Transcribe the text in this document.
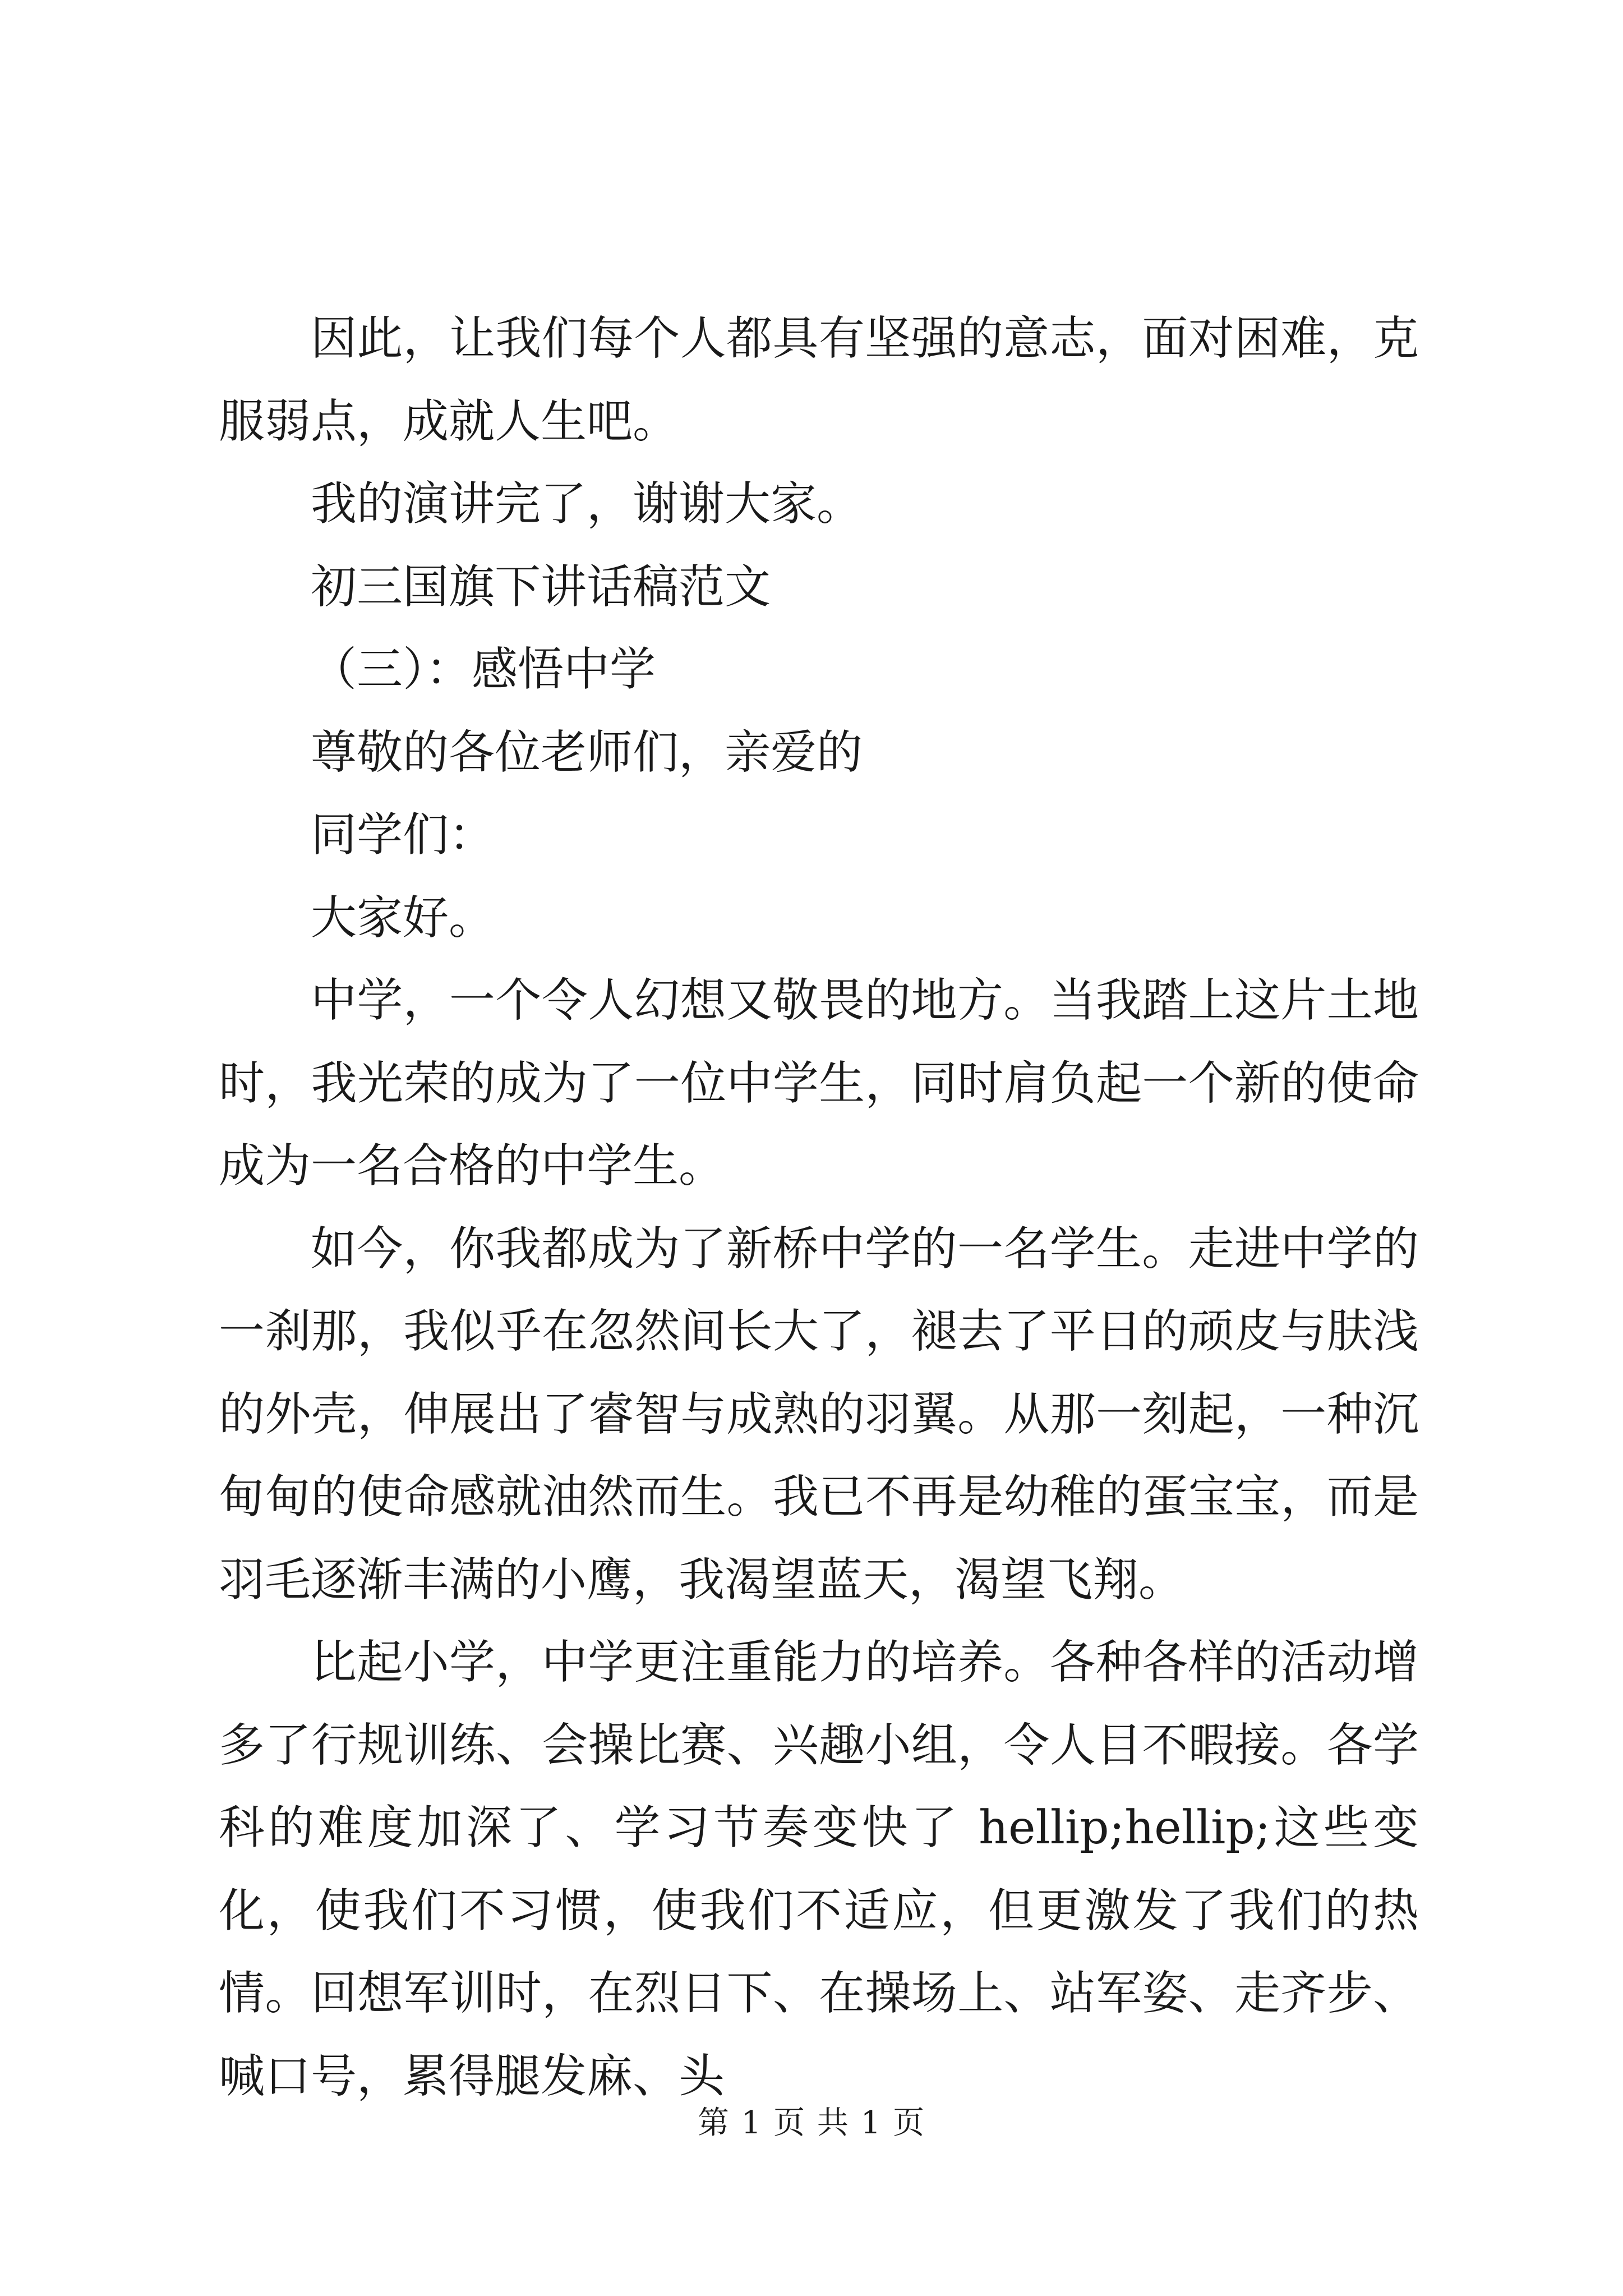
因此，让我们每个人都具有坚强的意志，面对困难，克服弱点，成就人生吧。

我的演讲完了，谢谢大家。

初三国旗下讲话稿范文

（三）：感悟中学

尊敬的各位老师们，亲爱的

同学们：

大家好。

中学，一个令人幻想又敬畏的地方。当我踏上这片土地时，我光荣的成为了一位中学生，同时肩负起一个新的使命成为一名合格的中学生。

如今，你我都成为了新桥中学的一名学生。走进中学的一刹那，我似乎在忽然间长大了，褪去了平日的顽皮与肤浅的外壳，伸展出了睿智与成熟的羽翼。从那一刻起，一种沉甸甸的使命感就油然而生。我已不再是幼稚的蛋宝宝，而是羽毛逐渐丰满的小鹰，我渴望蓝天，渴望飞翔。

比起小学，中学更注重能力的培养。各种各样的活动增多了行规训练、会操比赛、兴趣小组，令人目不暇接。各学科的难度加深了、学习节奏变快了 hellip;hellip;这些变化，使我们不习惯，使我们不适应，但更激发了我们的热情。回想军训时，在烈日下、在操场上、站军姿、走齐步、喊口号，累得腿发麻、头

第 1 页 共 1 页
